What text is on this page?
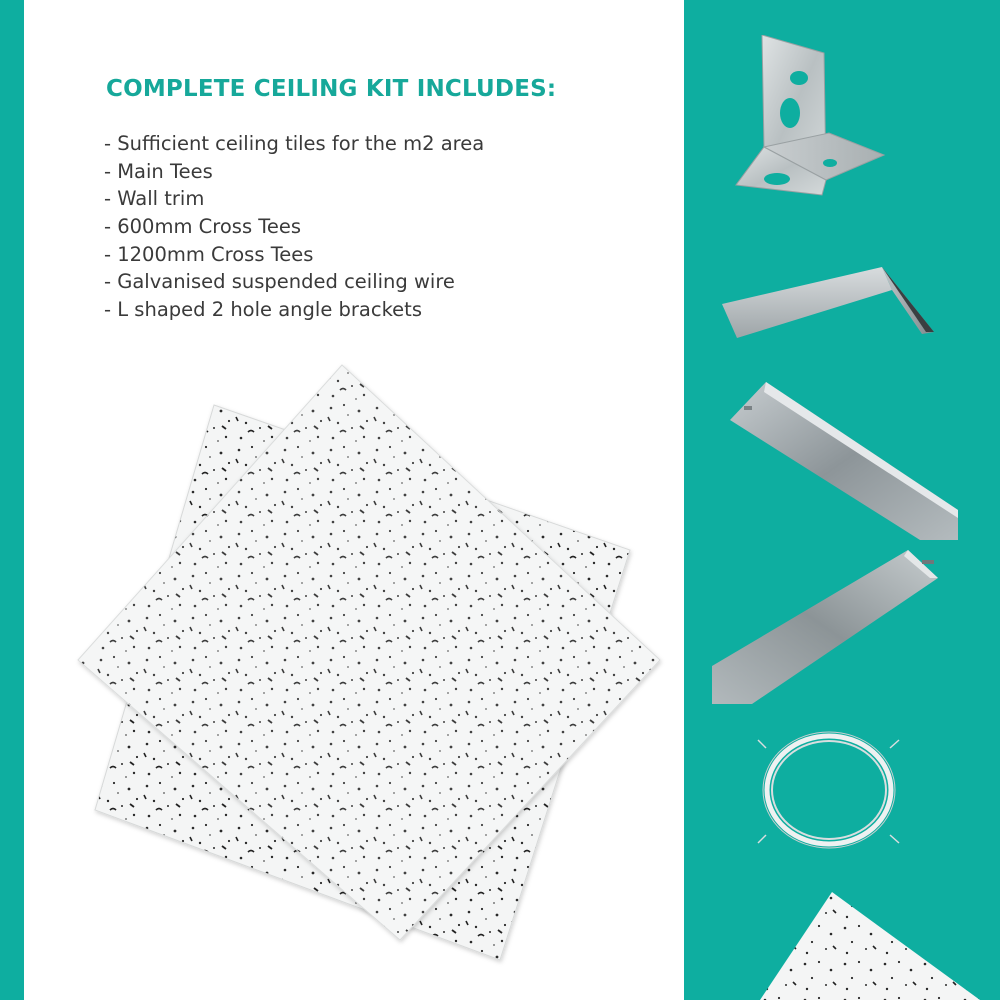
COMPLETE CEILING KIT INCLUDES:
- Sufficient ceiling tiles for the m2 area
- Main Tees
- Wall trim
- 600mm Cross Tees
- 1200mm Cross Tees
- Galvanised suspended ceiling wire
- L shaped 2 hole angle brackets
